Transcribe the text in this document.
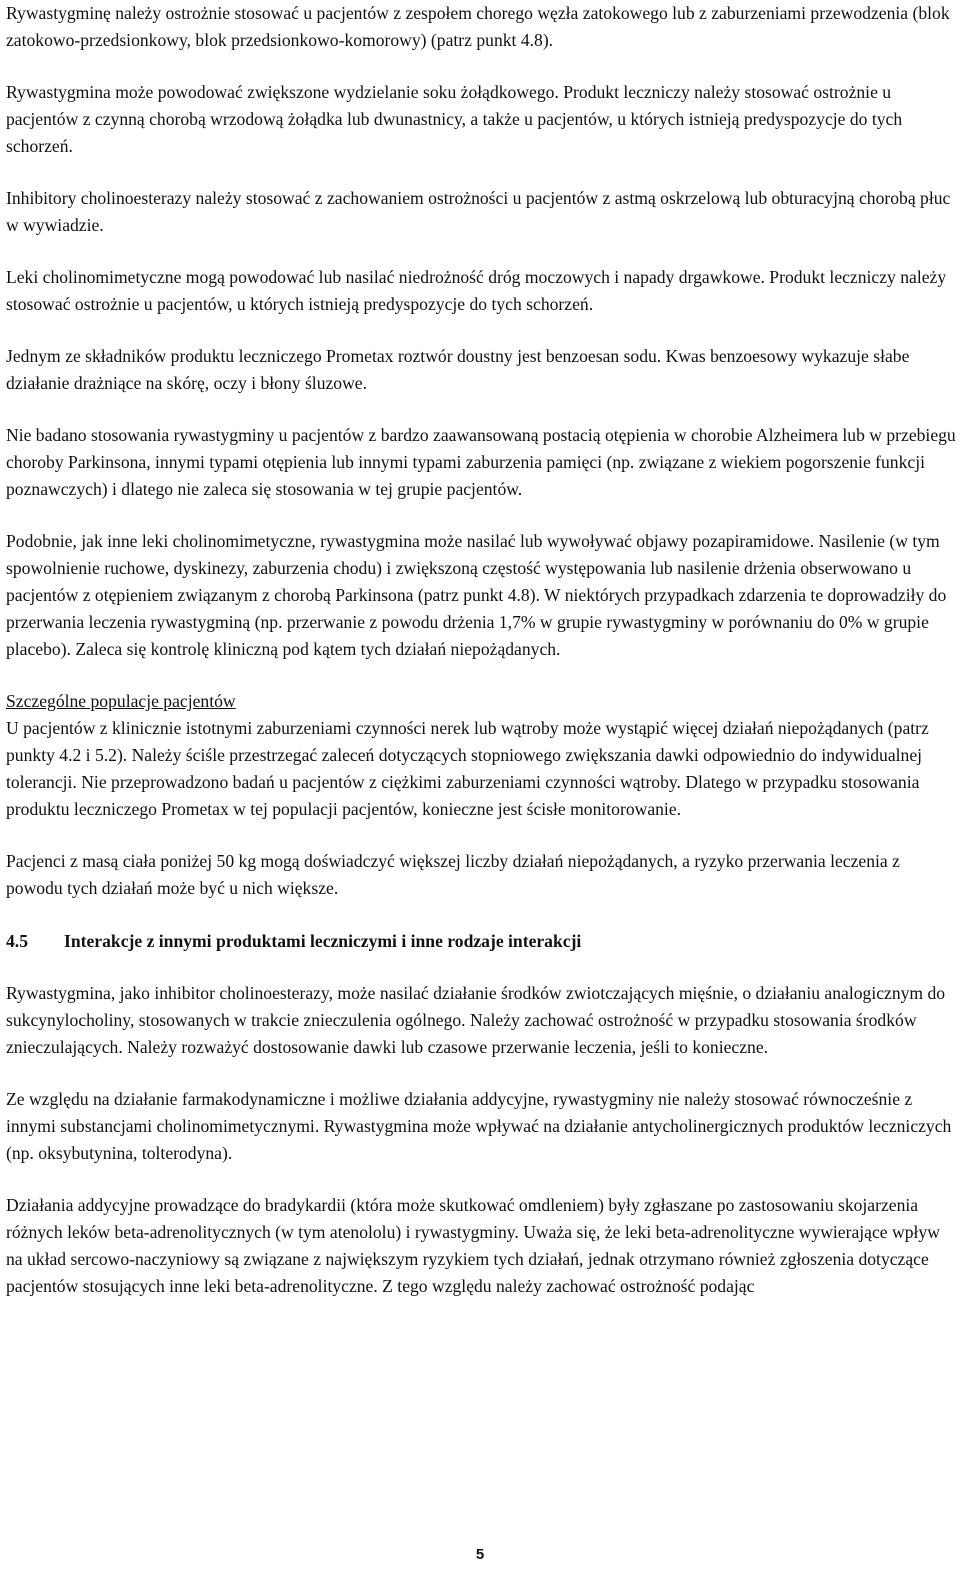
Rywastygminę należy ostrożnie stosować u pacjentów z zespołem chorego węzła zatokowego lub z zaburzeniami przewodzenia (blok zatokowo-przedsionkowy, blok przedsionkowo-komorowy) (patrz punkt 4.8).

Rywastygmina może powodować zwiększone wydzielanie soku żołądkowego. Produkt leczniczy należy stosować ostrożnie u pacjentów z czynną chorobą wrzodową żołądka lub dwunastnicy, a także u pacjentów, u których istnieją predyspozycje do tych schorzeń.

Inhibitory cholinoesterazy należy stosować z zachowaniem ostrożności u pacjentów z astmą oskrzelową lub obturacyjną chorobą płuc w wywiadzie.

Leki cholinomimetyczne mogą powodować lub nasilać niedrożność dróg moczowych i napady drgawkowe. Produkt leczniczy należy stosować ostrożnie u pacjentów, u których istnieją predyspozycje do tych schorzeń.

Jednym ze składników produktu leczniczego Prometax roztwór doustny jest benzoesan sodu. Kwas benzoesowy wykazuje słabe działanie drażniące na skórę, oczy i błony śluzowe.

Nie badano stosowania rywastygminy u pacjentów z bardzo zaawansowaną postacią otępienia w chorobie Alzheimera lub w przebiegu choroby Parkinsona, innymi typami otępienia lub innymi typami zaburzenia pamięci (np. związane z wiekiem pogorszenie funkcji poznawczych) i dlatego nie zaleca się stosowania w tej grupie pacjentów.

Podobnie, jak inne leki cholinomimetyczne, rywastygmina może nasilać lub wywoływać objawy pozapiramidowe. Nasilenie (w tym spowolnienie ruchowe, dyskinezy, zaburzenia chodu) i zwiększoną częstość występowania lub nasilenie drżenia obserwowano u pacjentów z otępieniem związanym z chorobą Parkinsona (patrz punkt 4.8). W niektórych przypadkach zdarzenia te doprowadziły do przerwania leczenia rywastygminą (np. przerwanie z powodu drżenia 1,7% w grupie rywastygminy w porównaniu do 0% w grupie placebo). Zaleca się kontrolę kliniczną pod kątem tych działań niepożądanych.

Szczególne populacje pacjentów
U pacjentów z klinicznie istotnymi zaburzeniami czynności nerek lub wątroby może wystąpić więcej działań niepożądanych (patrz punkty 4.2 i 5.2). Należy ściśle przestrzegać zaleceń dotyczących stopniowego zwiększania dawki odpowiednio do indywidualnej tolerancji. Nie przeprowadzono badań u pacjentów z ciężkimi zaburzeniami czynności wątroby. Dlatego w przypadku stosowania produktu leczniczego Prometax w tej populacji pacjentów, konieczne jest ścisłe monitorowanie.

Pacjenci z masą ciała poniżej 50 kg mogą doświadczyć większej liczby działań niepożądanych, a ryzyko przerwania leczenia z powodu tych działań może być u nich większe.

4.5	Interakcje z innymi produktami leczniczymi i inne rodzaje interakcji

Rywastygmina, jako inhibitor cholinoesterazy, może nasilać działanie środków zwiotczających mięśnie, o działaniu analogicznym do sukcynylocholiny, stosowanych w trakcie znieczulenia ogólnego. Należy zachować ostrożność w przypadku stosowania środków znieczulających. Należy rozważyć dostosowanie dawki lub czasowe przerwanie leczenia, jeśli to konieczne.

Ze względu na działanie farmakodynamiczne i możliwe działania addycyjne, rywastygminy nie należy stosować równocześnie z innymi substancjami cholinomimetycznymi. Rywastygmina może wpływać na działanie antycholinergicznych produktów leczniczych (np. oksybutynina, tolterodyna).

Działania addycyjne prowadzące do bradykardii (która może skutkować omdleniem) były zgłaszane po zastosowaniu skojarzenia różnych leków beta-adrenolitycznych (w tym atenololu) i rywastygminy. Uważa się, że leki beta-adrenolityczne wywierające wpływ na układ sercowo-naczyniowy są związane z największym ryzykiem tych działań, jednak otrzymano również zgłoszenia dotyczące pacjentów stosujących inne leki beta-adrenolityczne. Z tego względu należy zachować ostrożność podając

5
